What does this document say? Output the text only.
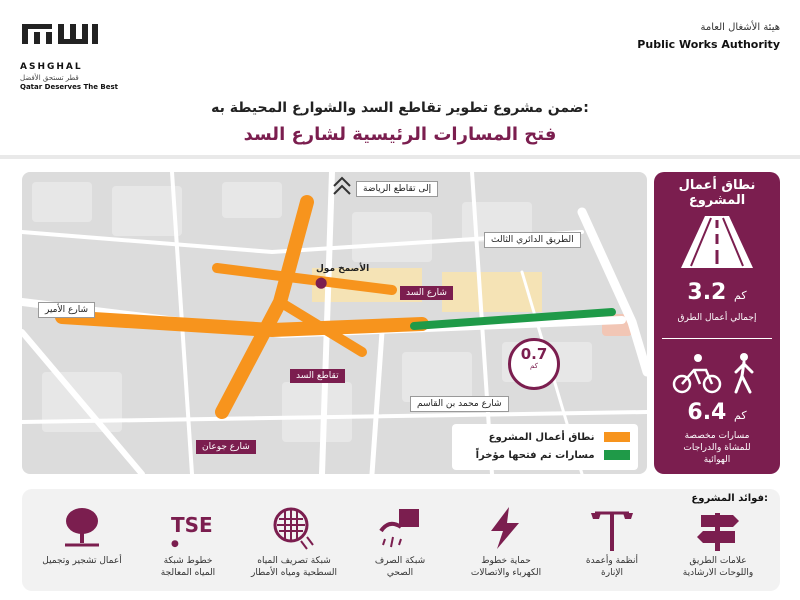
ASHGHAL
قطر تستحق الأفضل
Qatar Deserves The Best
هيئة الأشغال العامة
Public Works Authority
ضمن مشروع تطوير تقاطع السد والشوارع المحيطة به:
فتح المسارات الرئيسية لشارع السد
إلى تقاطع الرياضة
الطريق الدائري الثالث
⬤
الأصمخ مول
شارع السد
شارع الأمير
تقاطع السد
شارع محمد بن القاسم
شارع جوعان
0.7
كم
نطاق أعمال المشروع
مسارات تم فتحها مؤخراً
نطاق أعمال المشروع
3.2 كم
إجمالي أعمال الطرق
6.4 كم
مسارات مخصصة
للمشاة والدراجات
الهوائية
فوائد المشروع:
علامات الطريق
واللوحات الارشادية
أنظمة وأعمدة
الإنارة
حماية خطوط
الكهرباء والاتصالات
شبكة الصرف
الصحي
شبكة تصريف المياه
السطحية ومياه الأمطار
TSE
●
خطوط شبكة
المياه المعالجة
أعمال تشجير وتجميل
